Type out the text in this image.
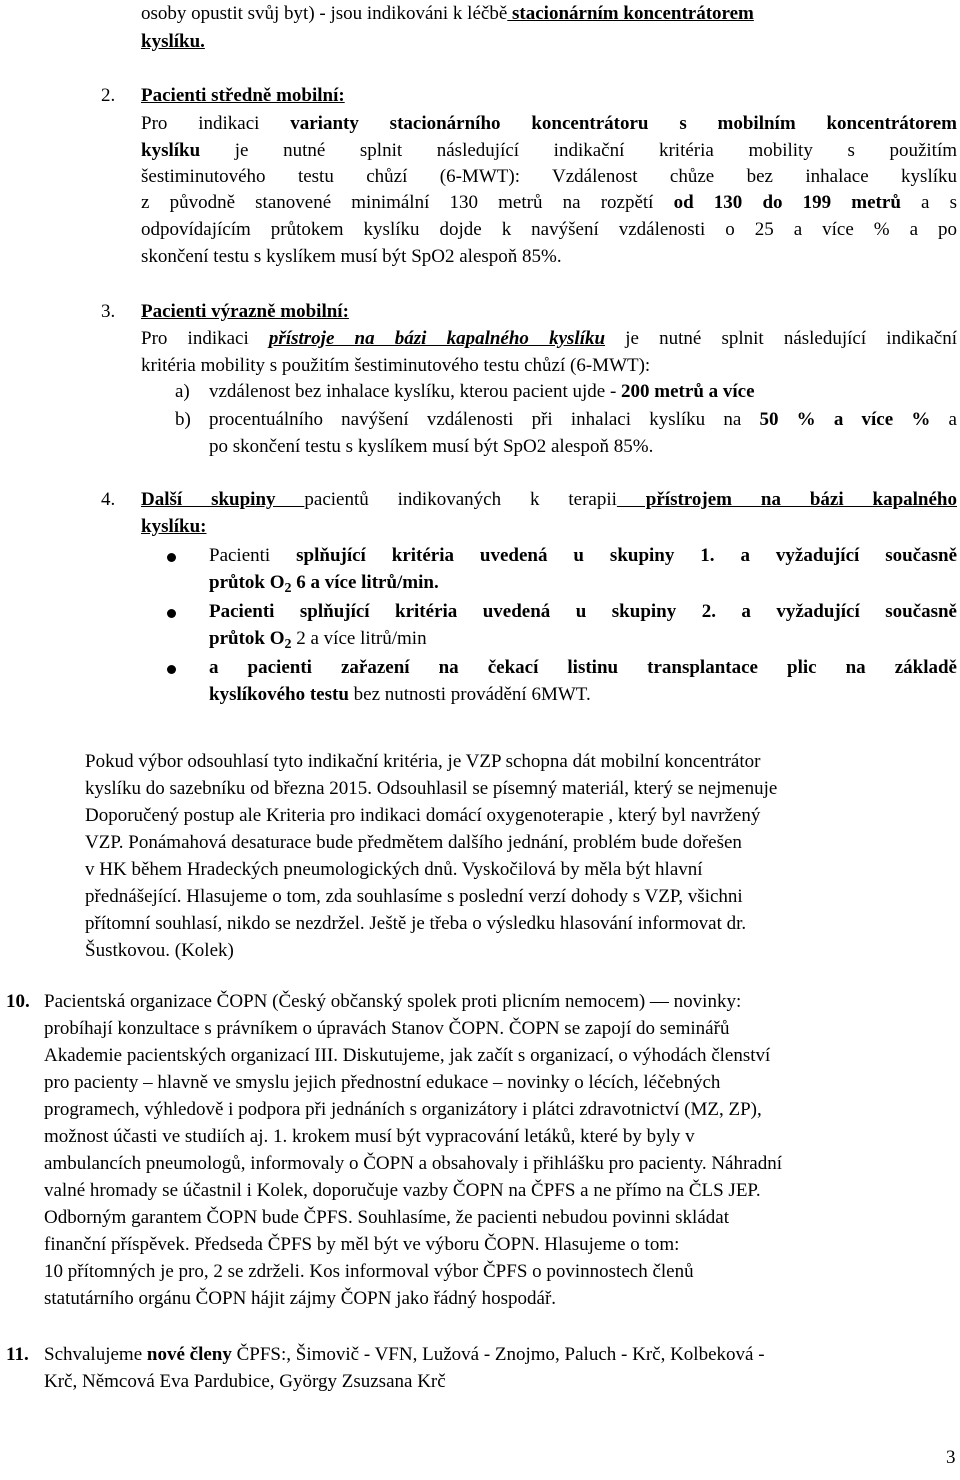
osoby opustit svůj byt) - jsou indikováni k léčbě stacionárním koncentrátorem
kyslíku.
2. Pacienti středně mobilní:
Pro indikaci varianty stacionárního koncentrátoru s mobilním koncentrátorem
kyslíku je nutné splnit následující indikační kritéria mobility s použitím
šestiminutového testu chůzí (6-MWT): Vzdálenost chůze bez inhalace kyslíku
z původně stanovené minimální 130 metrů na rozpětí od 130 do 199 metrů a s
odpovídajícím průtokem kyslíku dojde k navýšení vzdálenosti o 25 a více % a po
skončení testu s kyslíkem musí být SpO2 alespoň 85%.
3. Pacienti výrazně mobilní:
Pro indikaci přístroje na bázi kapalného kyslíku je nutné splnit následující indikační
kritéria mobility s použitím šestiminutového testu chůzí (6-MWT):
a) vzdálenost bez inhalace kyslíku, kterou pacient ujde - 200 metrů a více
b) procentuálního navýšení vzdálenosti při inhalaci kyslíku na 50 % a více % a
po skončení testu s kyslíkem musí být SpO2 alespoň 85%.
4. Další skupiny pacientů indikovaných k terapii přístrojem na bázi kapalného
kyslíku:
Pacienti splňující kritéria uvedená u skupiny 1. a vyžadující současně
průtok $O_2$ 6 a více litrů/min.
Pacienti splňující kritéria uvedená u skupiny 2. a vyžadující současně
průtok $O_2$ 2 a více litrů/min
a pacienti zařazení na čekací listinu transplantace plic na základě
kyslíkového testu bez nutnosti provádění 6MWT.
Pokud výbor odsouhlasí tyto indikační kritéria, je VZP schopna dát mobilní koncentrátor
kyslíku do sazebníku od března 2015. Odsouhlasil se písemný materiál, který se nejmenuje
Doporučený postup ale Kriteria pro indikaci domácí oxygenoterapie , který byl navržený
VZP. Ponámahová desaturace bude předmětem dalšího jednání, problém bude dořešen
v HK během Hradeckých pneumologických dnů. Vyskočilová by měla být hlavní
přednášející. Hlasujeme o tom, zda souhlasíme s poslední verzí dohody s VZP, všichni
přítomní souhlasí, nikdo se nezdržel. Ještě je třeba o výsledku hlasování informovat dr.
Šustkovou. (Kolek)
10. Pacientská organizace ČOPN (Český občanský spolek proti plicním nemocem) — novinky:
probíhají konzultace s právníkem o úpravách Stanov ČOPN. ČOPN se zapojí do seminářů
Akademie pacientských organizací III. Diskutujeme, jak začít s organizací, o výhodách členství
pro pacienty – hlavně ve smyslu jejich přednostní edukace – novinky o lécích, léčebných
programech, výhledově i podpora při jednáních s organizátory i plátci zdravotnictví (MZ, ZP),
možnost účasti ve studiích aj. 1. krokem musí být vypracování letáků, které by byly v
ambulancích pneumologů, informovaly o ČOPN a obsahovaly i přihlášku pro pacienty. Náhradní
valné hromady se účastnil i Kolek, doporučuje vazby ČOPN na ČPFS a ne přímo na ČLS JEP.
Odborným garantem ČOPN bude ČPFS. Souhlasíme, že pacienti nebudou povinni skládat
finanční příspěvek. Předseda ČPFS by měl být ve výboru ČOPN. Hlasujeme o tom:
10 přítomných je pro, 2 se zdrželi. Kos informoval výbor ČPFS o povinnostech členů
statutárního orgánu ČOPN hájit zájmy ČOPN jako řádný hospodář.
11. Schvalujeme nové členy ČPFS:, Šimovič - VFN, Lužová - Znojmo, Paluch - Krč, Kolbeková -
Krč, Němcová Eva Pardubice, György Zsuzsana Krč
3
